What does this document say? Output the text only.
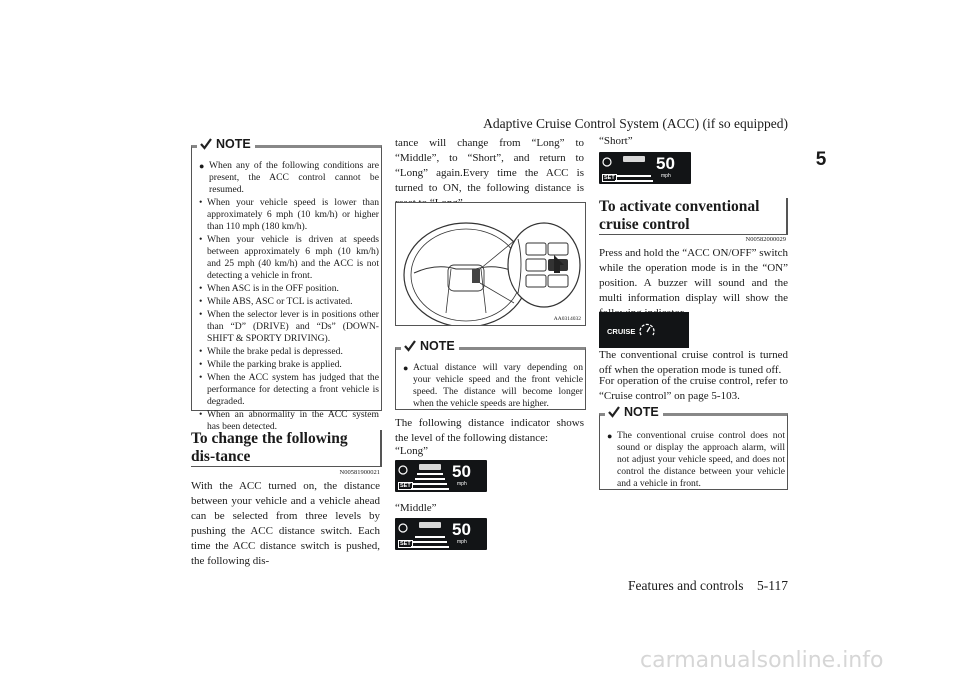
Adaptive Cruise Control System (ACC) (if so equipped)
5
NOTE
● When any of the following conditions are present, the ACC control cannot be resumed.
• When your vehicle speed is lower than approximately 6 mph (10 km/h) or higher than 110 mph (180 km/h).
• When your vehicle is driven at speeds between approximately 6 mph (10 km/h) and 25 mph (40 km/h) and the ACC is not detecting a vehicle in front.
• When ASC is in the OFF position.
• While ABS, ASC or TCL is activated.
• When the selector lever is in positions other than “D” (DRIVE) and “Ds” (DOWN-SHIFT & SPORTY DRIVING).
• While the brake pedal is depressed.
• While the parking brake is applied.
• When the ACC system has judged that the performance for detecting a front vehicle is degraded.
• When an abnormality in the ACC system has been detected.
To change the following dis-tance
N00581900021
With the ACC turned on, the distance between your vehicle and a vehicle ahead can be selected from three levels by pushing the ACC distance switch. Each time the ACC distance switch is pushed, the following dis-
tance will change from “Long” to “Middle”, to “Short”, and return to “Long” again.Every time the ACC is turned to ON, the following distance is
AA0314032
NOTE
● Actual distance will vary depending on your vehicle speed and the front vehicle speed. The distance will become longer when the vehicle speeds are higher.
The following distance indicator shows the level of the following distance:
“Long”
50
mph
SET
“Middle”
50
mph
SET
“Short”
50
mph
SET
To activate conventional cruise control
N00582000029
Press and hold the “ACC ON/OFF” switch while the operation mode is in the “ON” position. A buzzer will sound and the multi information display will show the
CRUISE
The conventional cruise control is turned off when the operation mode is tuned off.
For operation of the cruise control, refer to “Cruise control” on page 5-103.
NOTE
● The conventional cruise control does not sound or display the approach alarm, will not adjust your vehicle speed, and does not control the distance between your vehicle and a vehicle in front.
Features and controls    5-117
carmanualsonline.info
